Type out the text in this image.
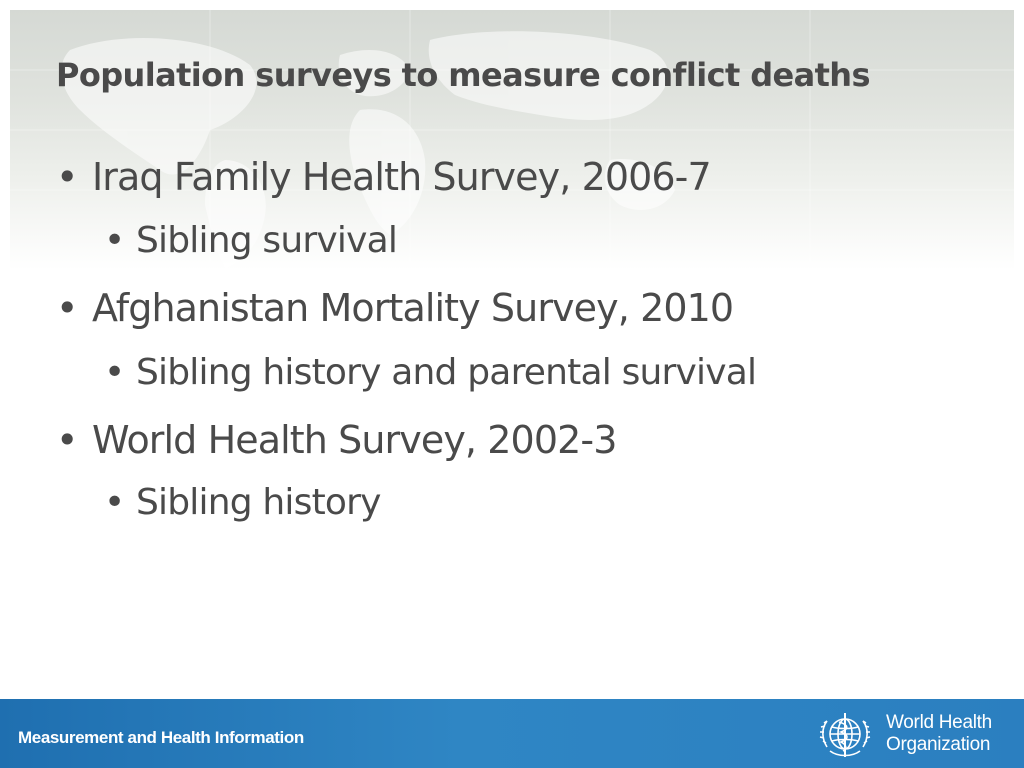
Population surveys to measure conflict deaths
• Iraq Family Health Survey, 2006-7
• Sibling survival
• Afghanistan Mortality Survey, 2010
• Sibling history and parental survival
• World Health Survey, 2002-3
• Sibling history
Measurement and Health Information
World Health
Organization
